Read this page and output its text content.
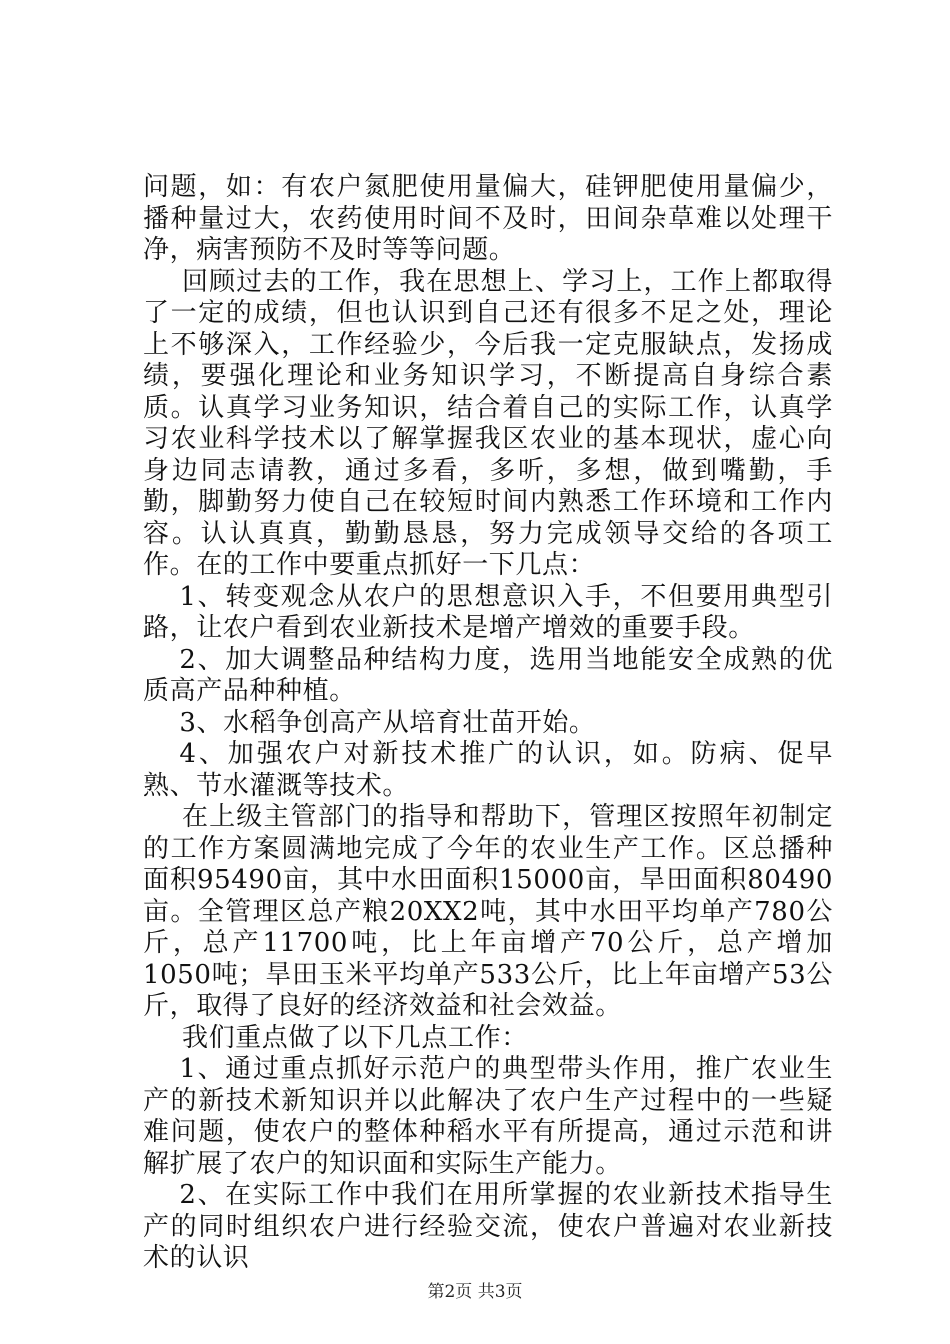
问题，如：有农户氮肥使用量偏大，硅钾肥使用量偏少，播种量过大，农药使用时间不及时，田间杂草难以处理干净，病害预防不及时等等问题。

回顾过去的工作，我在思想上、学习上，工作上都取得了一定的成绩，但也认识到自己还有很多不足之处，理论上不够深入，工作经验少，今后我一定克服缺点，发扬成绩，要强化理论和业务知识学习，不断提高自身综合素质。认真学习业务知识，结合着自己的实际工作，认真学习农业科学技术以了解掌握我区农业的基本现状，虚心向身边同志请教，通过多看，多听，多想，做到嘴勤，手勤，脚勤努力使自己在较短时间内熟悉工作环境和工作内容。认认真真，勤勤恳恳，努力完成领导交给的各项工作。在的工作中要重点抓好一下几点：

1、转变观念从农户的思想意识入手，不但要用典型引路，让农户看到农业新技术是增产增效的重要手段。

2、加大调整品种结构力度，选用当地能安全成熟的优质高产品种种植。

3、水稻争创高产从培育壮苗开始。

4、加强农户对新技术推广的认识，如。防病、促早熟、节水灌溉等技术。

在上级主管部门的指导和帮助下，管理区按照年初制定的工作方案圆满地完成了今年的农业生产工作。区总播种面积95490亩，其中水田面积15000亩，旱田面积80490亩。全管理区总产粮20XX2吨，其中水田平均单产780公斤，总产11700吨，比上年亩增产70公斤，总产增加1050吨；旱田玉米平均单产533公斤，比上年亩增产53公斤，取得了良好的经济效益和社会效益。

我们重点做了以下几点工作：

1、通过重点抓好示范户的典型带头作用，推广农业生产的新技术新知识并以此解决了农户生产过程中的一些疑难问题，使农户的整体种稻水平有所提高，通过示范和讲解扩展了农户的知识面和实际生产能力。

2、在实际工作中我们在用所掌握的农业新技术指导生产的同时组织农户进行经验交流，使农户普遍对农业新技术的认识

第2页 共3页
